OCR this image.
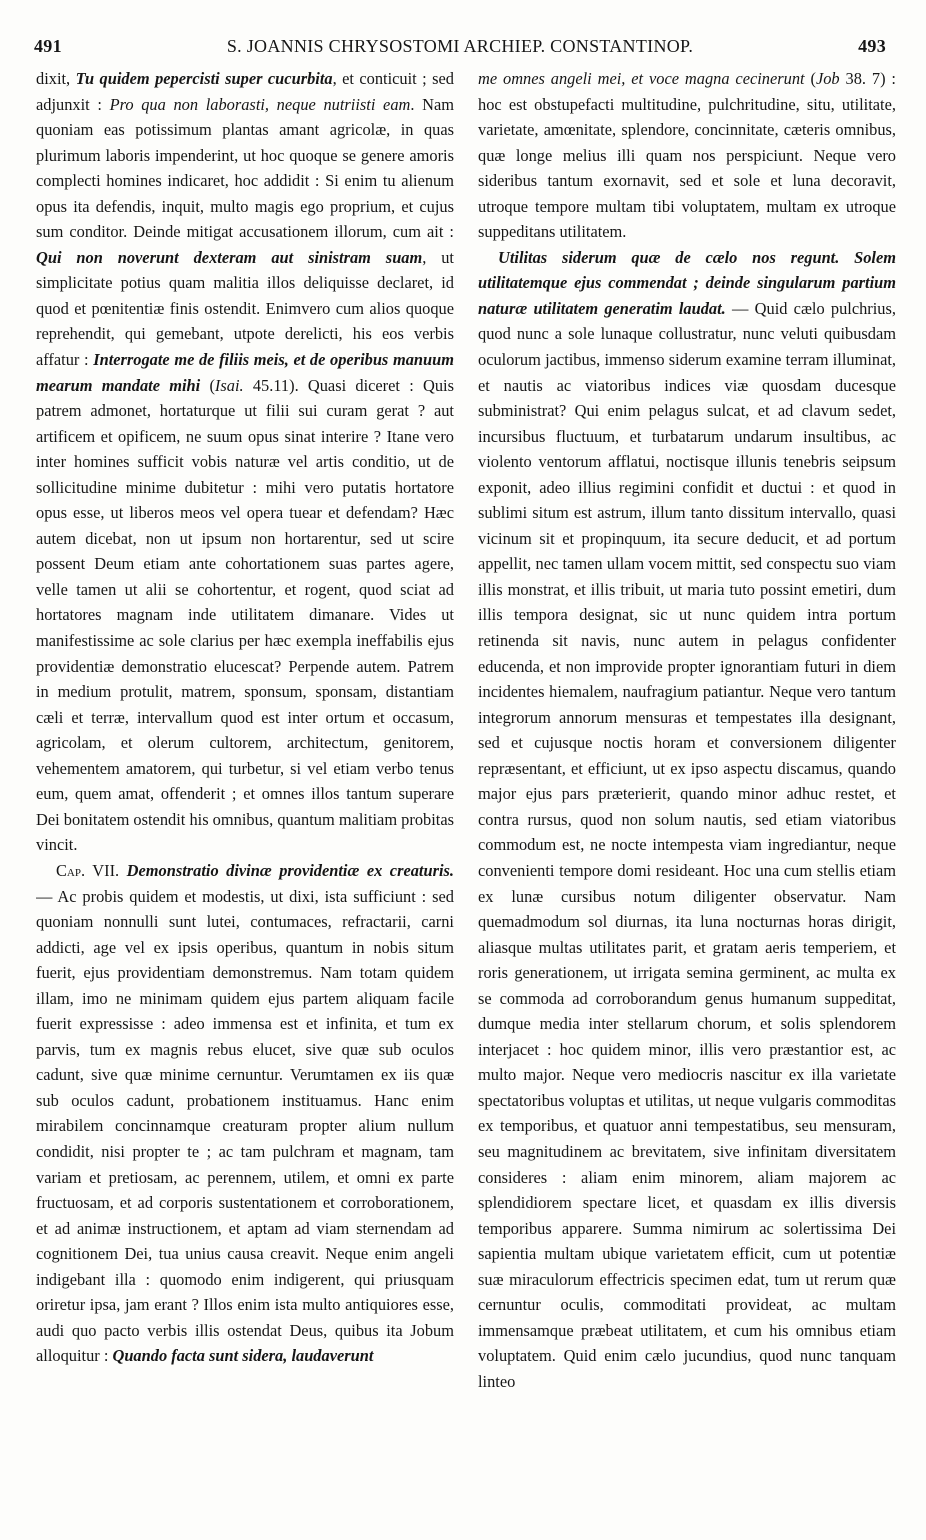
491	S. JOANNIS CHRYSOSTOMI ARCHIEP. CONSTANTINOP.	493

dixit, Tu quidem pepercisti super cucurbita, et conticuit ; sed adjunxit : Pro qua non laborasti, neque nutriisti eam. Nam quoniam eas potissimum plantas amant agricolæ, in quas plurimum laboris impenderint, ut hoc quoque se genere amoris complecti homines indicaret, hoc addidit : Si enim tu alienum opus ita defendis, inquit, multo magis ego proprium, et cujus sum conditor. Deinde mitigat accusationem illorum, cum ait : Qui non noverunt dexteram aut sinistram suam, ut simplicitate potius quam malitia illos deliquisse declaret, id quod et pœnitentiæ finis ostendit. Enimvero cum alios quoque reprehendit, qui gemebant, utpote derelicti, his eos verbis affatur : Interrogate me de filiis meis, et de operibus manuum mearum mandate mihi (Isai. 45.11). Quasi diceret : Quis patrem admonet, hortaturque ut filii sui curam gerat ? aut artificem et opificem, ne suum opus sinat interire ? Itane vero inter homines sufficit vobis naturæ vel artis conditio, ut de sollicitudine minime dubitetur : mihi vero putatis hortatore opus esse, ut liberos meos vel opera tuear et defendam? Hæc autem dicebat, non ut ipsum non hortarentur, sed ut scire possent Deum etiam ante cohortationem suas partes agere, velle tamen ut alii se cohortentur, et rogent, quod sciat ad hortatores magnam inde utilitatem dimanare. Vides ut manifestissime ac sole clarius per hæc exempla ineffabilis ejus providentiæ demonstratio elucescat? Perpende autem. Patrem in medium protulit, matrem, sponsum, sponsam, distantiam cæli et terræ, intervallum quod est inter ortum et occasum, agricolam, et olerum cultorem, architectum, genitorem, vehementem amatorem, qui turbetur, si vel etiam verbo tenus eum, quem amat, offenderit ; et omnes illos tantum superare Dei bonitatem ostendit his omnibus, quantum malitiam probitas vincit.

Cap. VII. Demonstratio divinæ providentiæ ex creaturis. — Ac probis quidem et modestis, ut dixi, ista sufficiunt : sed quoniam nonnulli sunt lutei, contumaces, refractarii, carni addicti, age vel ex ipsis operibus, quantum in nobis situm fuerit, ejus providentiam demonstremus. Nam totam quidem illam, imo ne minimam quidem ejus partem aliquam facile fuerit expressisse : adeo immensa est et infinita, et tum ex parvis, tum ex magnis rebus elucet, sive quæ sub oculos cadunt, sive quæ minime cernuntur. Verumtamen ex iis quæ sub oculos cadunt, probationem instituamus. Hanc enim mirabilem concinnamque creaturam propter alium nullum condidit, nisi propter te ; ac tam pulchram et magnam, tam variam et pretiosam, ac perennem, utilem, et omni ex parte fructuosam, et ad corporis sustentationem et corroborationem, et ad animæ instructionem, et aptam ad viam sternendam ad cognitionem Dei, tua unius causa creavit. Neque enim angeli indigebant illa : quomodo enim indigerent, qui priusquam oriretur ipsa, jam erant ? Illos enim ista multo antiquiores esse, audi quo pacto verbis illis ostendat Deus, quibus ita Jobum alloquitur : Quando facta sunt sidera, laudaverunt

me omnes angeli mei, et voce magna cecinerunt (Job 38. 7) : hoc est obstupefacti multitudine, pulchritudine, situ, utilitate, varietate, amœnitate, splendore, concinnitate, cæteris omnibus, quæ longe melius illi quam nos perspiciunt. Neque vero sideribus tantum exornavit, sed et sole et luna decoravit, utroque tempore multam tibi voluptatem, multam ex utroque suppeditans utilitatem.

Utilitas siderum quæ de cælo nos regunt. Solem utilitatemque ejus commendat ; deinde singularum partium naturæ utilitatem generatim laudat. — Quid cælo pulchrius, quod nunc a sole lunaque collustratur, nunc veluti quibusdam oculorum jactibus, immenso siderum examine terram illuminat, et nautis ac viatoribus indices viæ quosdam ducesque subministrat? Qui enim pelagus sulcat, et ad clavum sedet, incursibus fluctuum, et turbatarum undarum insultibus, ac violento ventorum afflatui, noctisque illunis tenebris seipsum exponit, adeo illius regimini confidit et ductui : et quod in sublimi situm est astrum, illum tanto dissitum intervallo, quasi vicinum sit et propinquum, ita secure deducit, et ad portum appellit, nec tamen ullam vocem mittit, sed conspectu suo viam illis monstrat, et illis tribuit, ut maria tuto possint emetiri, dum illis tempora designat, sic ut nunc quidem intra portum retinenda sit navis, nunc autem in pelagus confidenter educenda, et non improvide propter ignorantiam futuri in diem incidentes hiemalem, naufragium patiantur. Neque vero tantum integrorum annorum mensuras et tempestates illa designant, sed et cujusque noctis horam et conversionem diligenter repræsentant, et efficiunt, ut ex ipso aspectu discamus, quando major ejus pars præterierit, quando minor adhuc restet, et contra rursus, quod non solum nautis, sed etiam viatoribus commodum est, ne nocte intempesta viam ingrediantur, neque convenienti tempore domi resideant. Hoc una cum stellis etiam ex lunæ cursibus notum diligenter observatur. Nam quemadmodum sol diurnas, ita luna nocturnas horas dirigit, aliasque multas utilitates parit, et gratam aeris temperiem, et roris generationem, ut irrigata semina germinent, ac multa ex se commoda ad corroborandum genus humanum suppeditat, dumque media inter stellarum chorum, et solis splendorem interjacet : hoc quidem minor, illis vero præstantior est, ac multo major. Neque vero mediocris nascitur ex illa varietate spectatoribus voluptas et utilitas, ut neque vulgaris commoditas ex temporibus, et quatuor anni tempestatibus, seu mensuram, seu magnitudinem ac brevitatem, sive infinitam diversitatem consideres : aliam enim minorem, aliam majorem ac splendidiorem spectare licet, et quasdam ex illis diversis temporibus apparere. Summa nimirum ac solertissima Dei sapientia multam ubique varietatem efficit, cum ut potentiæ suæ miraculorum effectricis specimen edat, tum ut rerum quæ cernuntur oculis, commoditati provideat, ac multam immensamque præbeat utilitatem, et cum his omnibus etiam voluptatem. Quid enim cælo jucundius, quod nunc tanquam linteo
